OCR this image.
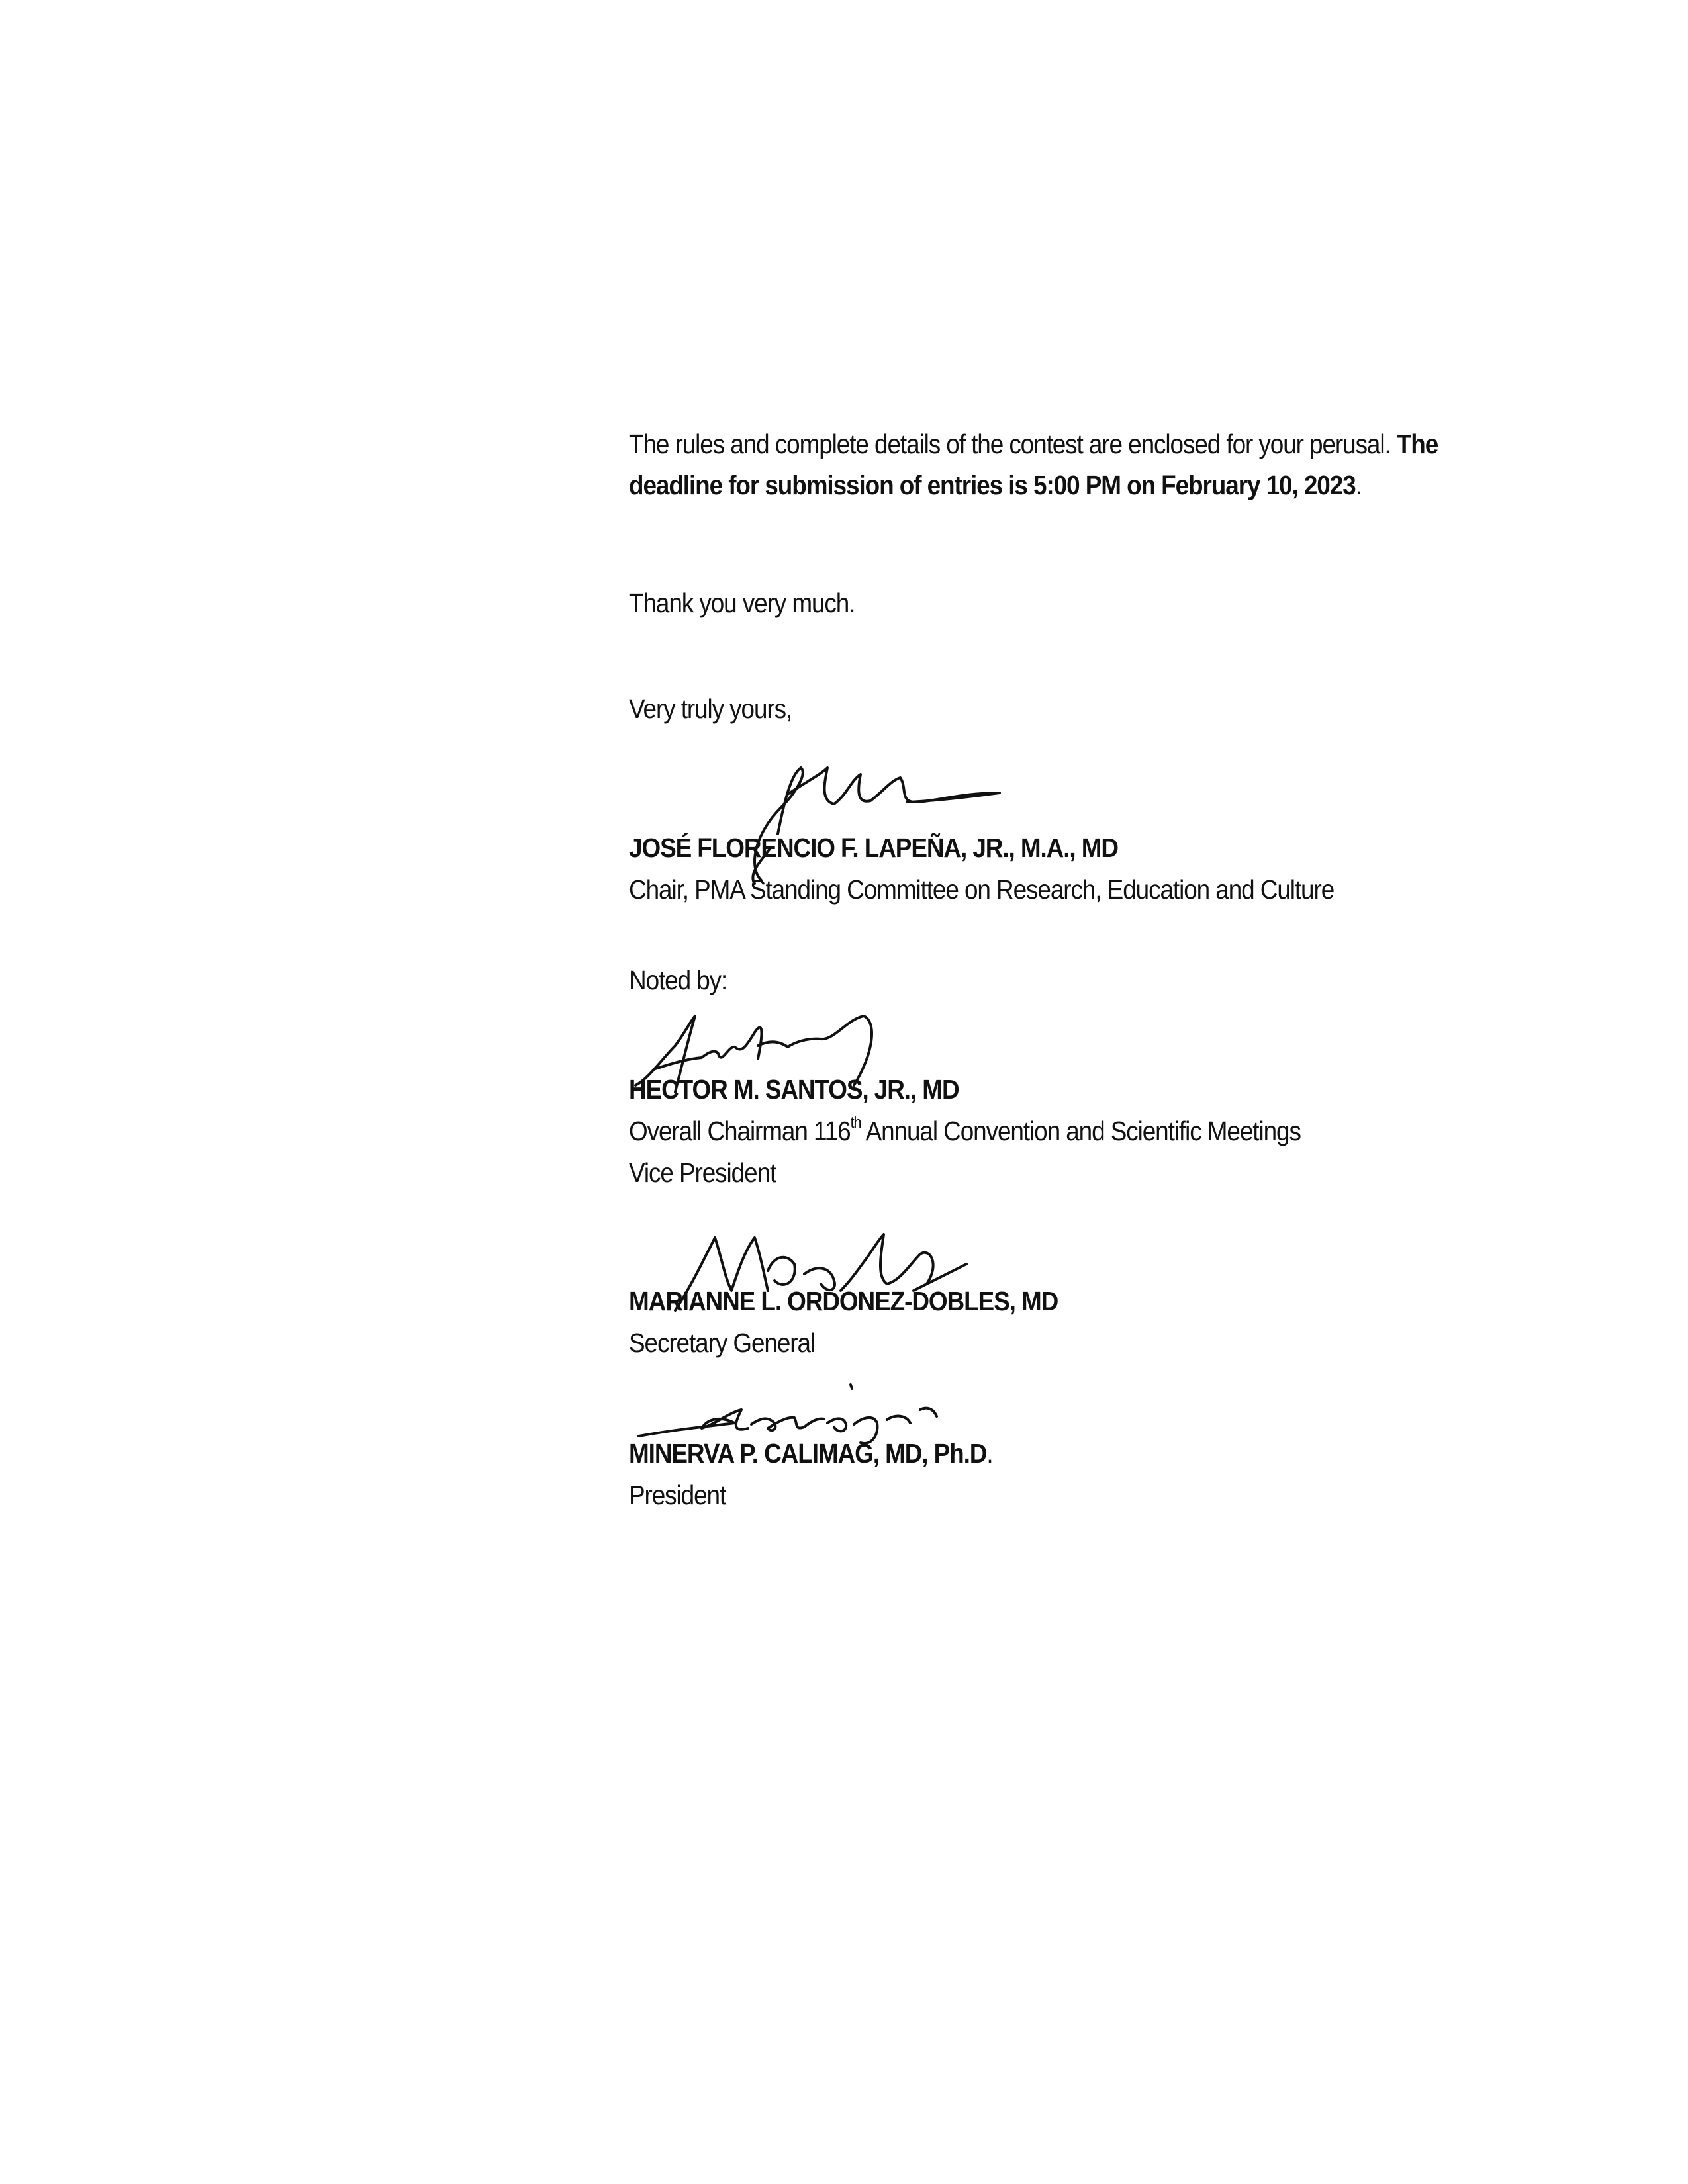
The rules and complete details of the contest are enclosed for your perusal. The deadline for submission of entries is 5:00 PM on February 10, 2023.

Thank you very much.
Very truly yours,
JOSÉ FLORENCIO F. LAPEÑA, JR., M.A., MD
Chair, PMA Standing Committee on Research, Education and Culture
Noted by:
HECTOR M. SANTOS, JR., MD
Overall Chairman 116th Annual Convention and Scientific Meetings
Vice President
MARIANNE L. ORDONEZ-DOBLES, MD
Secretary General
MINERVA P. CALIMAG, MD, Ph.D.
President
